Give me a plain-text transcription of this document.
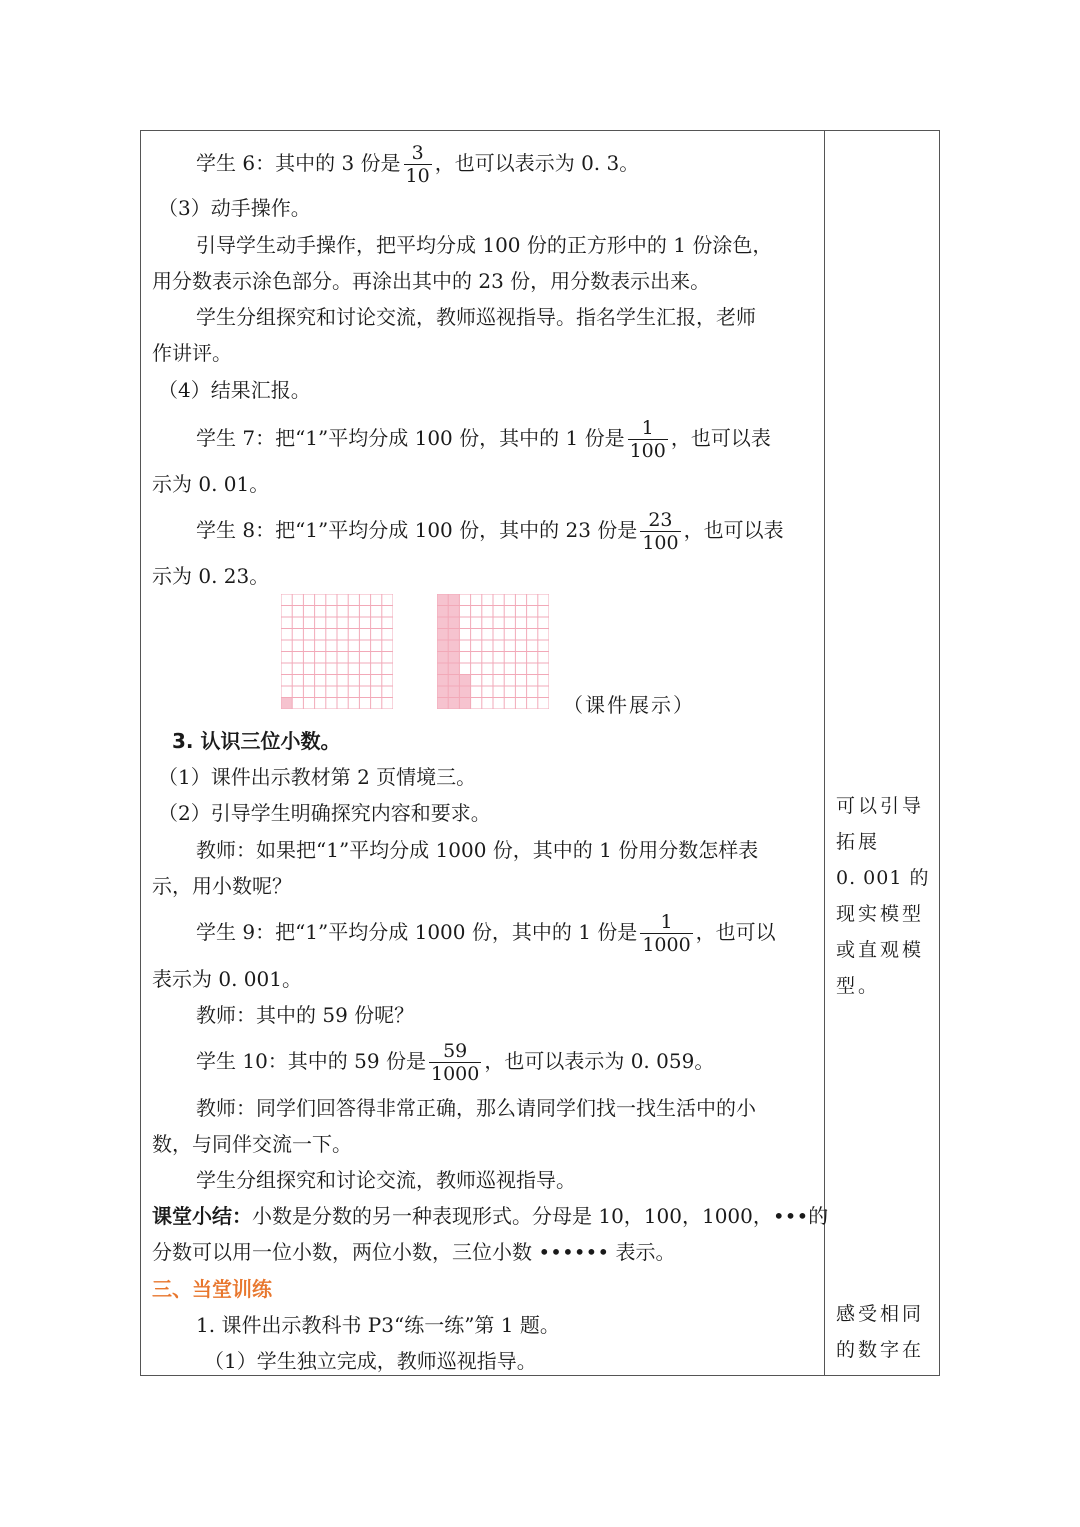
学生 6：其中的 3 份是 $\frac{3}{10}$ ，也可以表示为 0. 3。
（3）动手操作。
引导学生动手操作，把平均分成 100 份的正方形中的 1 份涂色，
用分数表示涂色部分。再涂出其中的 23 份，用分数表示出来。
学生分组探究和讨论交流，教师巡视指导。指名学生汇报，老师
作讲评。
（4）结果汇报。
学生 7：把“1”平均分成 100 份，其中的 1 份是 $\frac{1}{100}$ ，也可以表
示为 0. 01。
学生 8：把“1”平均分成 100 份，其中的 23 份是 $\frac{23}{100}$ ，也可以表
示为 0. 23。
（课件展示）
3. 认识三位小数。
（1）课件出示教材第 2 页情境三。
（2）引导学生明确探究内容和要求。
教师：如果把“1”平均分成 1000 份，其中的 1 份用分数怎样表
示，用小数呢？
学生 9：把“1”平均分成 1000 份，其中的 1 份是 $\frac{1}{1000}$ ，也可以
表示为 0. 001。
教师：其中的 59 份呢？
学生 10：其中的 59 份是 $\frac{59}{1000}$ ，也可以表示为 0. 059。
教师：同学们回答得非常正确，那么请同学们找一找生活中的小
数，与同伴交流一下。
学生分组探究和讨论交流，教师巡视指导。
课堂小结：小数是分数的另一种表现形式。分母是 10，100，1000，•••的
分数可以用一位小数，两位小数，三位小数 •••••• 表示。
三、当堂训练
1. 课件出示教科书 P3“练一练”第 1 题。
（1）学生独立完成，教师巡视指导。
可以引导
拓展
0. 001 的
现实模型
或直观模
型。
感受相同
的数字在
